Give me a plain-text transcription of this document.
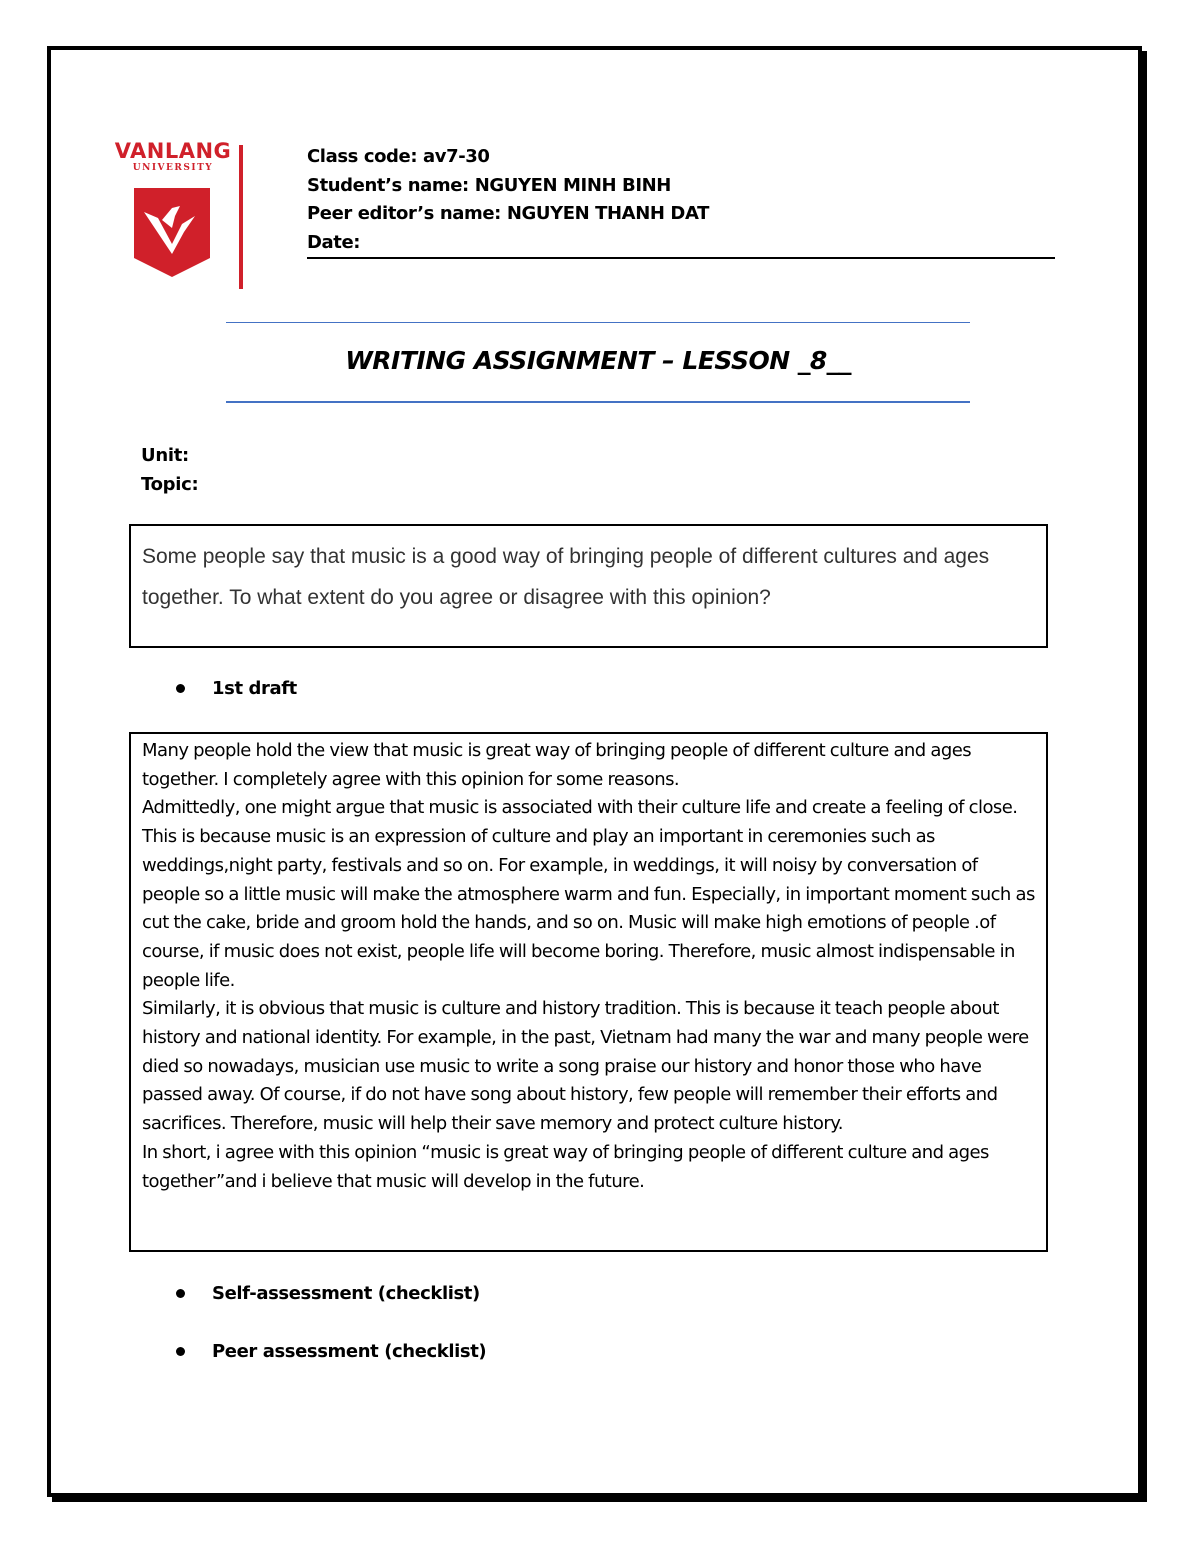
VANLANG
UNIVERSITY
Class code: av7-30
Student’s name: NGUYEN MINH BINH
Peer editor’s name: NGUYEN THANH DAT
Date:
WRITING ASSIGNMENT – LESSON _8__
Unit:
Topic:
Some people say that music is a good way of bringing people of different cultures and ages together. To what extent do you agree or disagree with this opinion?
1st draft

Many people hold the view that music is great way of bringing people of different culture and ages together. I completely agree with this opinion for some reasons.

Admittedly, one might argue that music is associated with their culture life and create a feeling of close. This is because music is an expression of culture and play an important in ceremonies such as weddings,night party, festivals and so on. For example, in weddings, it will noisy by conversation of people so a little music will make the atmosphere warm and fun. Especially, in important moment such as cut the cake, bride and groom hold the hands, and so on. Music will make high emotions of people .of course, if music does not exist, people life will become boring. Therefore, music almost indispensable in people life.

Similarly, it is obvious that music is culture and history tradition. This is because it teach people about history and national identity. For example, in the past, Vietnam had many the war and many people were died so nowadays, musician use music to write a song praise our history and honor those who have passed away. Of course, if do not have song about history, few people will remember their efforts and sacrifices. Therefore, music will help their save memory and protect culture history.

In short, i agree with this opinion “music is great way of bringing people of different culture and ages together”and i believe that music will develop in the future.

Self-assessment (checklist)
Peer assessment (checklist)
